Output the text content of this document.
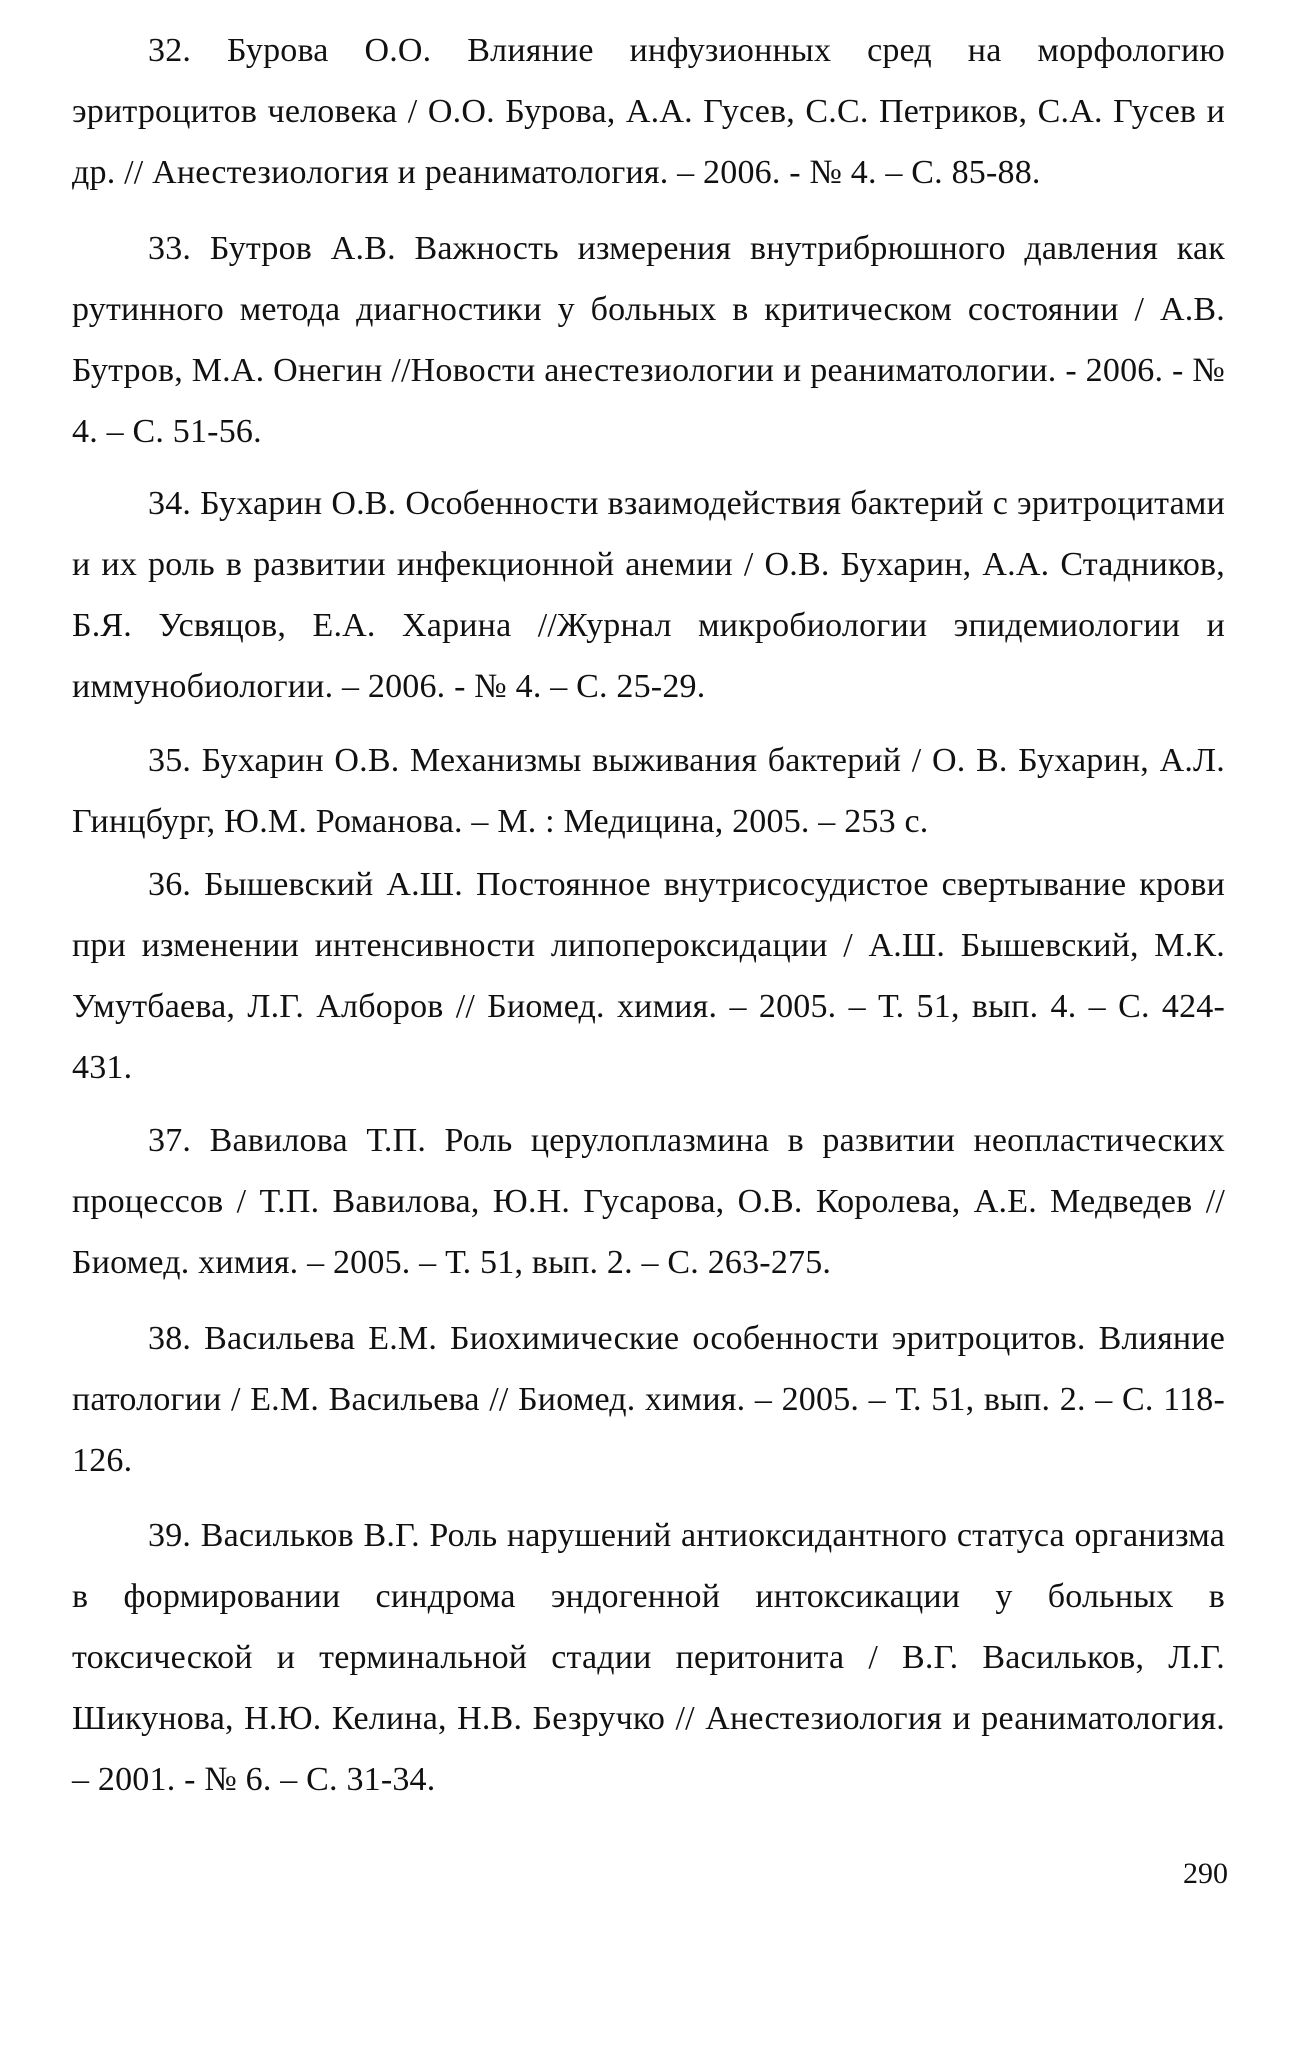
32. Бурова О.О. Влияние инфузионных сред на морфологию эритроцитов человека / О.О. Бурова, А.А. Гусев, С.С. Петриков, С.А. Гусев и др. // Анестезиология и реаниматология. – 2006. - № 4. – С. 85-88.

33. Бутров А.В. Важность измерения внутрибрюшного давления как рутинного метода диагностики у больных в критическом состоянии / А.В. Бутров, М.А. Онегин //Новости анестезиологии и реаниматологии. - 2006. - № 4. – С. 51-56.

34. Бухарин О.В. Особенности взаимодействия бактерий с эритроцитами и их роль в развитии инфекционной анемии / О.В. Бухарин, А.А. Стадников, Б.Я. Усвяцов, Е.А. Харина //Журнал микробиологии эпидемиологии и иммунобиологии. – 2006. - № 4. – С. 25-29.

35. Бухарин О.В. Механизмы выживания бактерий / О. В. Бухарин, А.Л. Гинцбург, Ю.М. Романова. – М. : Медицина, 2005. – 253 с.

36. Бышевский А.Ш. Постоянное внутрисосудистое свертывание крови при изменении интенсивности липопероксидации / А.Ш. Бышевский, М.К. Умутбаева, Л.Г. Алборов // Биомед. химия. – 2005. – Т. 51, вып. 4. – С. 424-431.

37. Вавилова Т.П. Роль церулоплазмина в развитии неопластических процессов / Т.П. Вавилова, Ю.Н. Гусарова, О.В. Королева, А.Е. Медведев // Биомед. химия. – 2005. – Т. 51, вып. 2. – С. 263-275.

38. Васильева Е.М. Биохимические особенности эритроцитов. Влияние патологии / Е.М. Васильева // Биомед. химия. – 2005. – Т. 51, вып. 2. – С. 118-126.

39. Васильков В.Г. Роль нарушений антиоксидантного статуса организма в формировании синдрома эндогенной интоксикации у больных в токсической и терминальной стадии перитонита / В.Г. Васильков, Л.Г. Шикунова, Н.Ю. Келина, Н.В. Безручко // Анестезиология и реаниматология. – 2001. - № 6. – С. 31-34.

290
